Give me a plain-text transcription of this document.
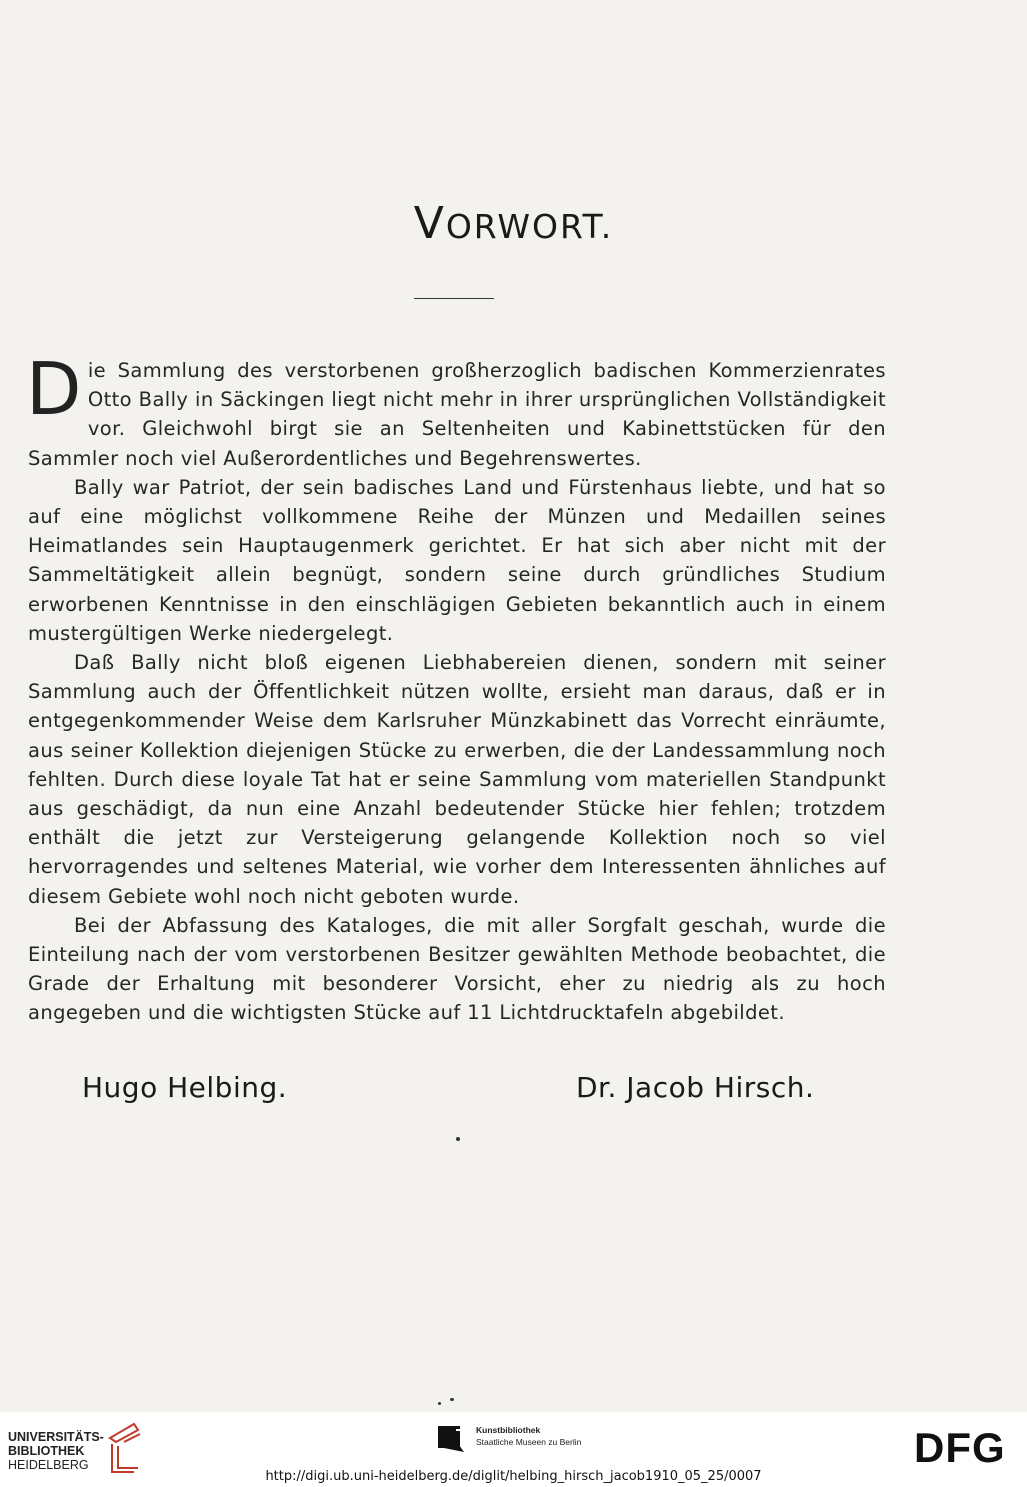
VORWORT.

Die Sammlung des verstorbenen großherzoglich badischen Kommerzienrates Otto Bally in Säckingen liegt nicht mehr in ihrer ursprünglichen Vollständigkeit vor. Gleichwohl birgt sie an Seltenheiten und Kabinettstücken für den Sammler noch viel Außerordentliches und Begehrenswertes.

Bally war Patriot, der sein badisches Land und Fürstenhaus liebte, und hat so auf eine möglichst vollkommene Reihe der Münzen und Medaillen seines Heimatlandes sein Hauptaugenmerk gerichtet. Er hat sich aber nicht mit der Sammeltätigkeit allein begnügt, sondern seine durch gründliches Studium erworbenen Kenntnisse in den einschlägigen Gebieten bekanntlich auch in einem mustergültigen Werke niedergelegt.

Daß Bally nicht bloß eigenen Liebhabereien dienen, sondern mit seiner Sammlung auch der Öffentlichkeit nützen wollte, ersieht man daraus, daß er in entgegenkommender Weise dem Karlsruher Münzkabinett das Vorrecht einräumte, aus seiner Kollektion diejenigen Stücke zu erwerben, die der Landessammlung noch fehlten. Durch diese loyale Tat hat er seine Sammlung vom materiellen Standpunkt aus geschädigt, da nun eine Anzahl bedeutender Stücke hier fehlen; trotzdem enthält die jetzt zur Versteigerung gelangende Kollektion noch so viel hervorragendes und seltenes Material, wie vorher dem Interessenten ähnliches auf diesem Gebiete wohl noch nicht geboten wurde.

Bei der Abfassung des Kataloges, die mit aller Sorgfalt geschah, wurde die Einteilung nach der vom verstorbenen Besitzer gewählten Methode beobachtet, die Grade der Erhaltung mit besonderer Vorsicht, eher zu niedrig als zu hoch angegeben und die wichtigsten Stücke auf 11 Lichtdrucktafeln abgebildet.

Hugo Helbing.	Dr. Jacob Hirsch.
UNIVERSITÄTS-
BIBLIOTHEK
HEIDELBERG
Kunstbibliothek
Staatliche Museen zu Berlin	DFG
http://digi.ub.uni-heidelberg.de/diglit/helbing_hirsch_jacob1910_05_25/0007
